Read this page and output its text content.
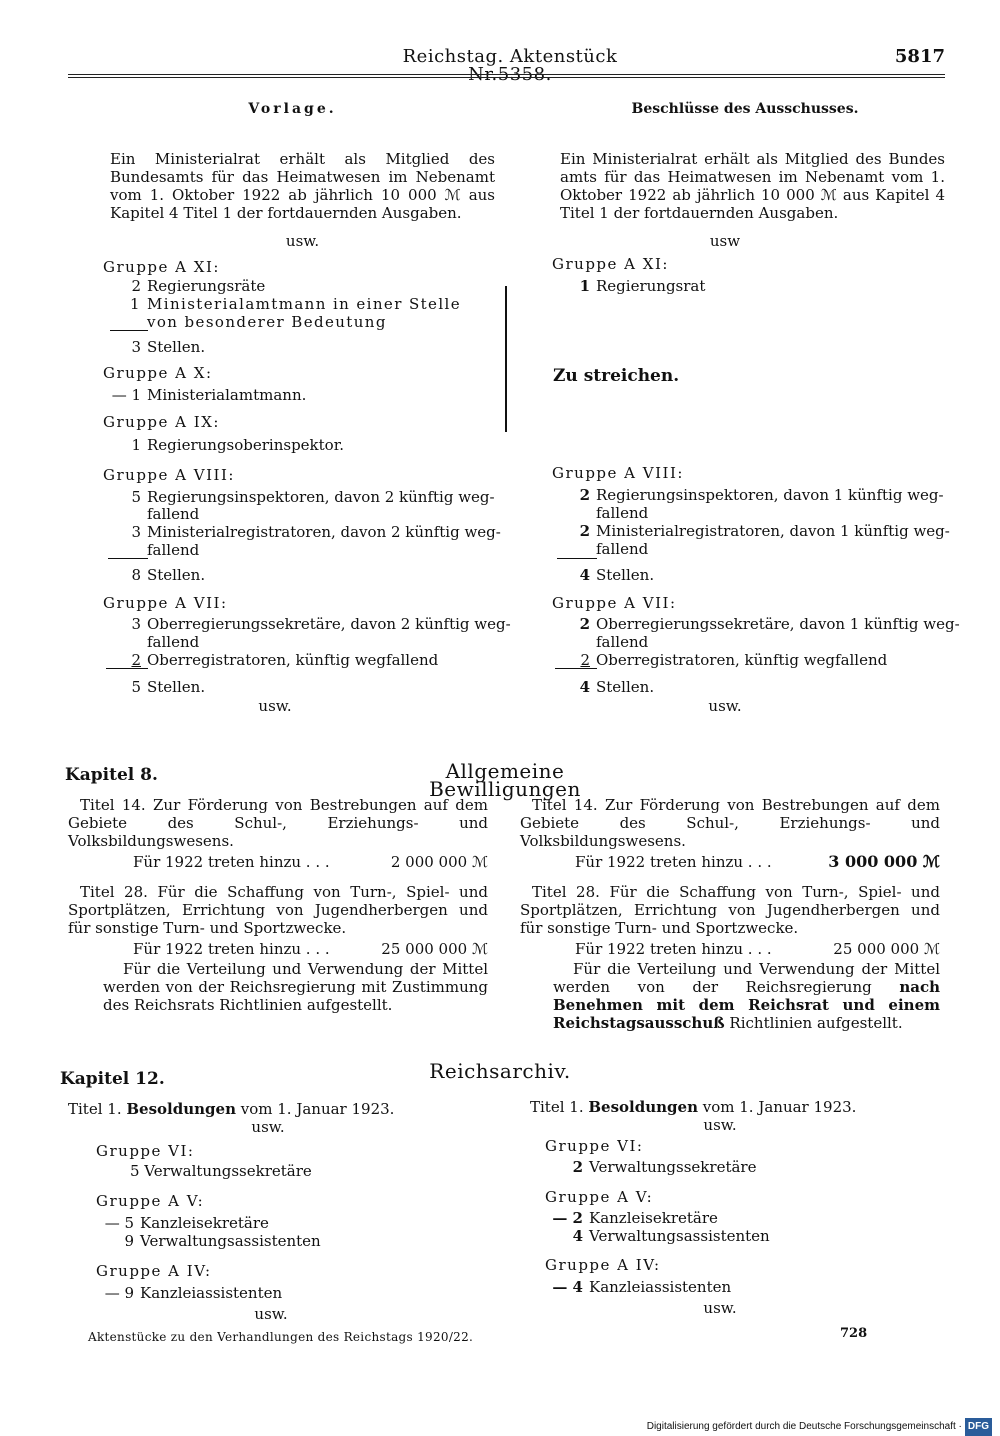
Reichstag. Aktenstück Nr.5358.
5817
Vorlage.	Beschlüsse des Ausschusses.
Ein Ministerialrat erhält als Mitglied des Bundesamts für das Heimatwesen im Nebenamt vom 1. Oktober 1922 ab jährlich 10 000 ℳ aus Kapitel 4 Titel 1 der fortdauernden Ausgaben.
usw.
Gruppe A XI:
2 Regierungsräte
1 Ministerialamtmann in einer Stelle
von besonderer Bedeutung
3 Stellen.
Gruppe A X:
— 1 Ministerialamtmann.
Gruppe A IX:
1 Regierungsoberinspektor.
Gruppe A VIII:
5 Regierungsinspektoren, davon 2 künftig weg-
fallend
3 Ministerialregistratoren, davon 2 künftig weg-
fallend
8 Stellen.
Gruppe A VII:
3 Oberregierungssekretäre, davon 2 künftig weg-
fallend
2 Oberregistratoren, künftig wegfallend
5 Stellen.
usw.
Ein Ministerialrat erhält als Mitglied des Bundes amts für das Heimatwesen im Nebenamt vom 1. Oktober 1922 ab jährlich 10 000 ℳ aus Kapitel 4 Titel 1 der fortdauernden Ausgaben.
usw
Gruppe A XI:
1 Regierungsrat
Zu streichen.
Gruppe A VIII:
2 Regierungsinspektoren, davon 1 künftig weg-
fallend
2 Ministerialregistratoren, davon 1 künftig weg-
fallend
4 Stellen.
Gruppe A VII:
2 Oberregierungssekretäre, davon 1 künftig weg-
fallend
2 Oberregistratoren, künftig wegfallend
4 Stellen.
usw.
Kapitel 8.	Allgemeine Bewilligungen
Titel 14. Zur Förderung von Bestrebungen auf dem Gebiete des Schul-, Erziehungs- und Volksbildungswesens.
Für 1922 treten hinzu . . .	2 000 000 ℳ
Titel 28. Für die Schaffung von Turn-, Spiel- und Sportplätzen, Errichtung von Jugendherbergen und für sonstige Turn- und Sportzwecke.
Für 1922 treten hinzu . . .	25 000 000 ℳ
Für die Verteilung und Verwendung der Mittel werden von der Reichsregierung mit Zustimmung des Reichsrats Richtlinien aufgestellt.
Titel 14. Zur Förderung von Bestrebungen auf dem Gebiete des Schul-, Erziehungs- und Volksbildungswesens.
Für 1922 treten hinzu . . .	3 000 000 ℳ
Titel 28. Für die Schaffung von Turn-, Spiel- und Sportplätzen, Errichtung von Jugendherbergen und für sonstige Turn- und Sportzwecke.
Für 1922 treten hinzu . . .	25 000 000 ℳ
Für die Verteilung und Verwendung der Mittel werden von der Reichsregierung nach Benehmen mit dem Reichsrat und einem Reichstagsausschuß Richtlinien aufgestellt.
Kapitel 12.	Reichsarchiv.
Titel 1. Besoldungen vom 1. Januar 1923.
usw.
Gruppe VI:
5 Verwaltungssekretäre
Gruppe A V:
— 5 Kanzleisekretäre
9 Verwaltungsassistenten
Gruppe A IV:
— 9 Kanzleiassistenten
usw.
Titel 1. Besoldungen vom 1. Januar 1923.
usw.
Gruppe VI:
2 Verwaltungssekretäre
Gruppe A V:
— 2 Kanzleisekretäre
4 Verwaltungsassistenten
Gruppe A IV:
— 4 Kanzleiassistenten
usw.
Aktenstücke zu den Verhandlungen des Reichstags 1920/22.	728
Digitalisierung gefördert durch die Deutsche Forschungsgemeinschaft · DFG
